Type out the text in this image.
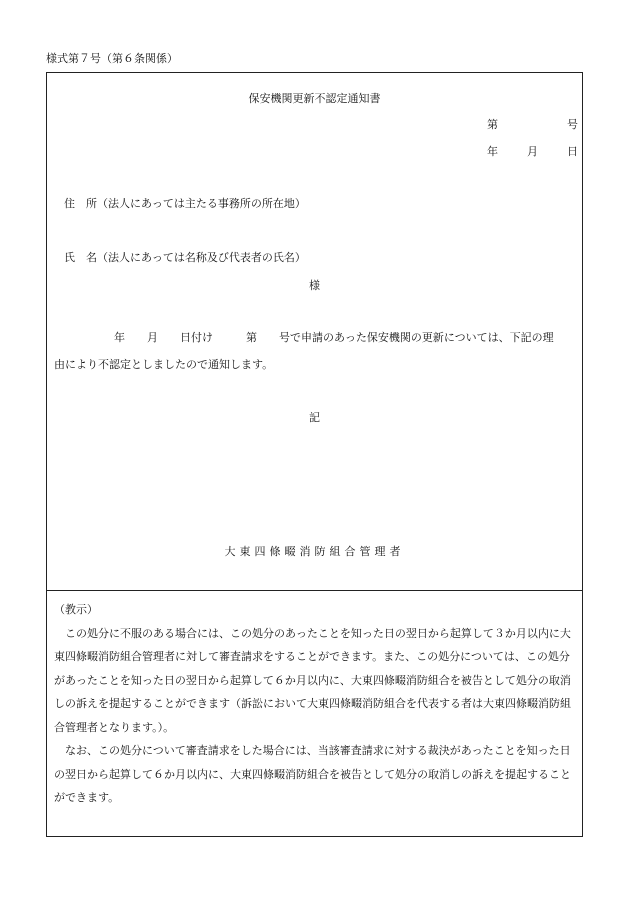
様式第７号（第６条関係）
保安機関更新不認定通知書
第	号
年	月	日
住　所（法人にあっては主たる事務所の所在地）
氏　名（法人にあっては名称及び代表者の氏名）
様
年　　月　　日付け　　　第　　号で申請のあった保安機関の更新については、下記の理
由により不認定としましたので通知します。
記
大東四條畷消防組合管理者

（教示）

この処分に不服のある場合には、この処分のあったことを知った日の翌日から起算して３か月以内に大東四條畷消防組合管理者に対して審査請求をすることができます。また、この処分については、この処分があったことを知った日の翌日から起算して６か月以内に、大東四條畷消防組合を被告として処分の取消しの訴えを提起することができます（訴訟において大東四條畷消防組合を代表する者は大東四條畷消防組合管理者となります。）。

なお、この処分について審査請求をした場合には、当該審査請求に対する裁決があったことを知った日の翌日から起算して６か月以内に、大東四條畷消防組合を被告として処分の取消しの訴えを提起することができます。
